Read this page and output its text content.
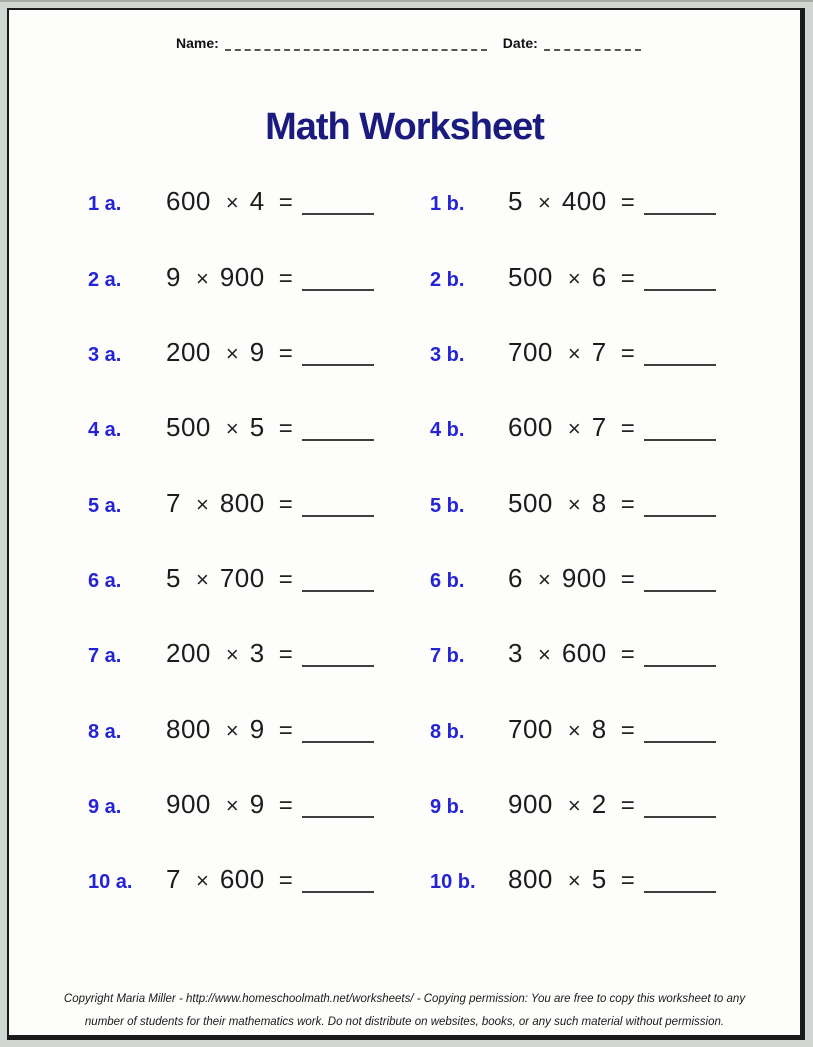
Name:	Date:
Math Worksheet
1 a.	600 × 4 =	1 b.	5 × 400 =
2 a.	9 × 900 =	2 b.	500 × 6 =
3 a.	200 × 9 =	3 b.	700 × 7 =
4 a.	500 × 5 =	4 b.	600 × 7 =
5 a.	7 × 800 =	5 b.	500 × 8 =
6 a.	5 × 700 =	6 b.	6 × 900 =
7 a.	200 × 3 =	7 b.	3 × 600 =
8 a.	800 × 9 =	8 b.	700 × 8 =
9 a.	900 × 9 =	9 b.	900 × 2 =
10 a.	7 × 600 =	10 b.	800 × 5 =
Copyright Maria Miller - http://www.homeschoolmath.net/worksheets/ - Copying permission: You are free to copy this worksheet to any
number of students for their mathematics work. Do not distribute on websites, books, or any such material without permission.
